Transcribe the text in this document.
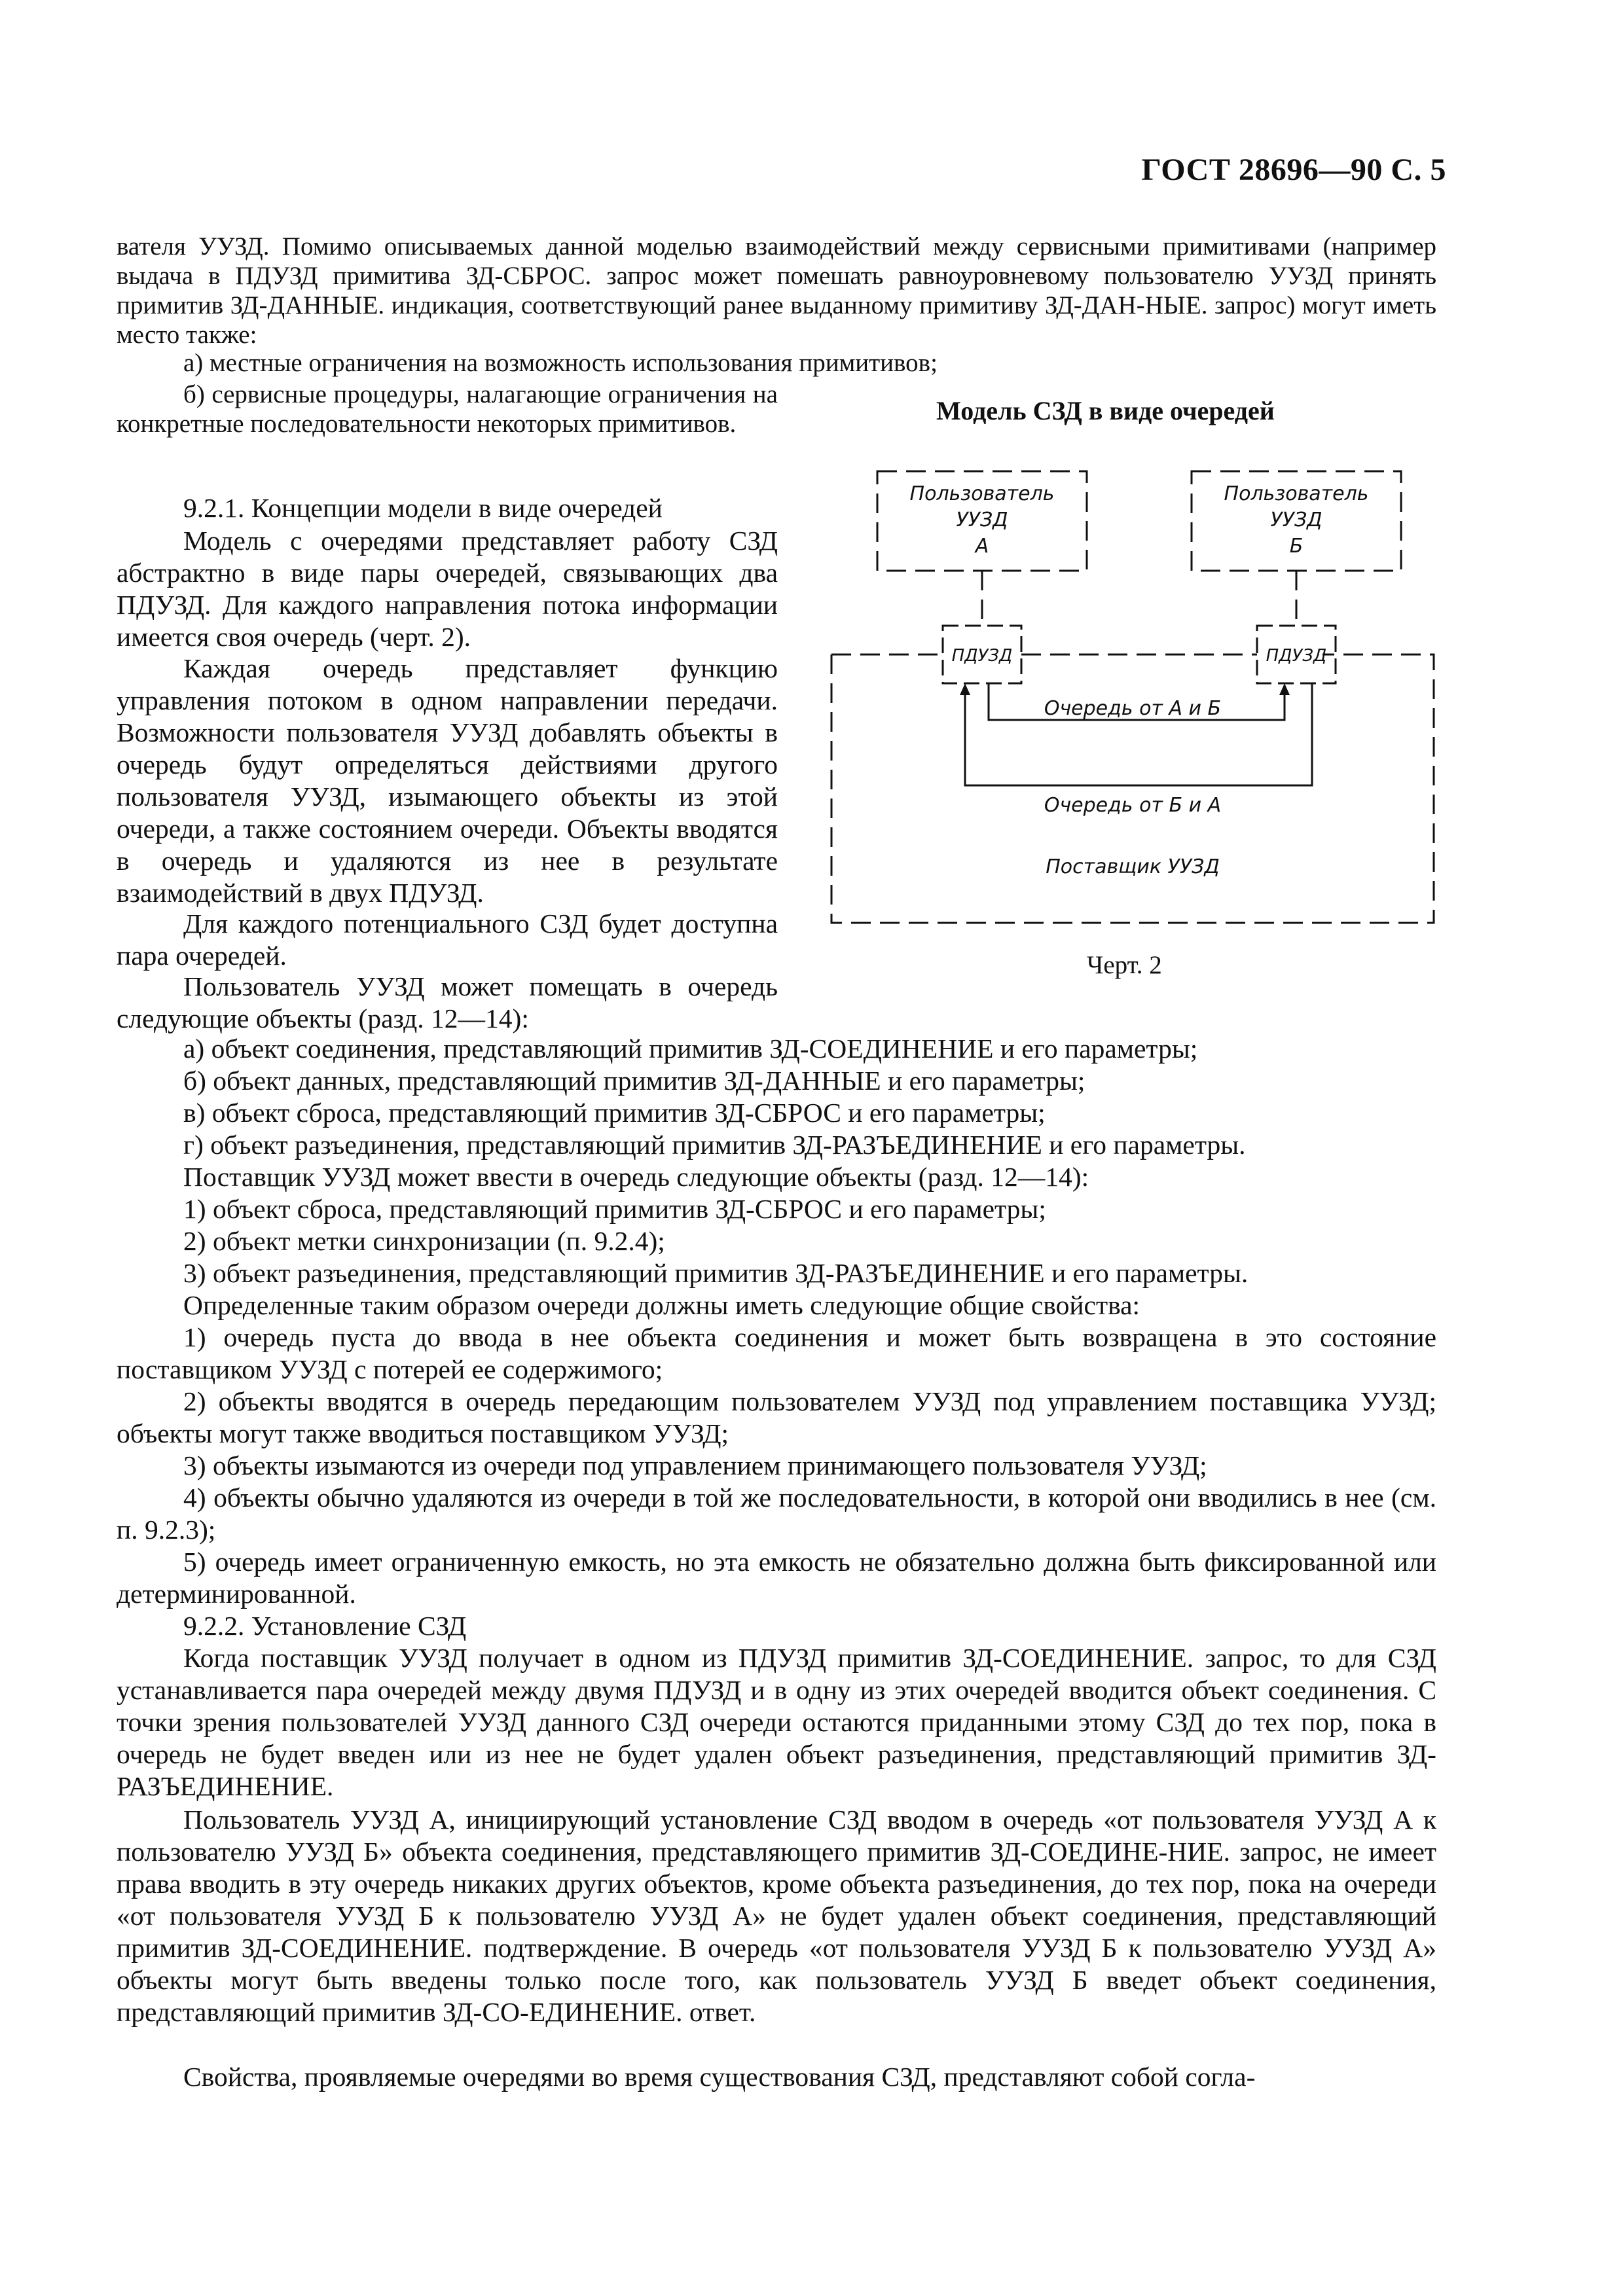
ГОСТ 28696—90 С. 5

вателя УУЗД. Помимо описываемых данной моделью взаимодействий между сервисными примитивами (например выдача в ПДУЗД примитива ЗД-СБРОС. запрос может помешать равноуровневому пользователю УУЗД принять примитив ЗД-ДАННЫЕ. индикация, соответствующий ранее выданному примитиву ЗД-ДАН-НЫЕ. запрос) могут иметь место также:

а) местные ограничения на возможность использования примитивов;

б) сервисные процедуры, налагающие ограничения на конкретные последовательности некоторых примитивов.

9.2.1. Концепции модели в виде очередей

Модель с очередями представляет работу СЗД абстрактно в виде пары очередей, связывающих два ПДУЗД. Для каждого направления потока информации имеется своя очередь (черт. 2).

Каждая очередь представляет функцию управления потоком в одном направлении передачи. Возможности пользователя УУЗД добавлять объекты в очередь будут определяться действиями другого пользователя УУЗД, изымающего объекты из этой очереди, а также состоянием очереди. Объекты вводятся в очередь и удаляются из нее в результате взаимодействий в двух ПДУЗД.

Для каждого потенциального СЗД будет доступна пара очередей.

Пользователь УУЗД может помещать в очередь следующие объекты (разд. 12—14):

Модель СЗД в виде очередей
Пользователь
УУЗД
А
Пользователь
УУЗД
Б
ПДУЗД	ПДУЗД
Очередь от А и Б
Очередь от Б и А
Поставщик УУЗД
Черт. 2

а) объект соединения, представляющий примитив ЗД-СОЕДИНЕНИЕ и его параметры;

б) объект данных, представляющий примитив ЗД-ДАННЫЕ и его параметры;

в) объект сброса, представляющий примитив ЗД-СБРОС и его параметры;

г) объект разъединения, представляющий примитив ЗД-РАЗЪЕДИНЕНИЕ и его параметры.

Поставщик УУЗД может ввести в очередь следующие объекты (разд. 12—14):

1) объект сброса, представляющий примитив ЗД-СБРОС и его параметры;

2) объект метки синхронизации (п. 9.2.4);

3) объект разъединения, представляющий примитив ЗД-РАЗЪЕДИНЕНИЕ и его параметры.

Определенные таким образом очереди должны иметь следующие общие свойства:

1) очередь пуста до ввода в нее объекта соединения и может быть возвращена в это состояние поставщиком УУЗД с потерей ее содержимого;

2) объекты вводятся в очередь передающим пользователем УУЗД под управлением поставщика УУЗД; объекты могут также вводиться поставщиком УУЗД;

3) объекты изымаются из очереди под управлением принимающего пользователя УУЗД;

4) объекты обычно удаляются из очереди в той же последовательности, в которой они вводились в нее (см. п. 9.2.3);

5) очередь имеет ограниченную емкость, но эта емкость не обязательно должна быть фиксированной или детерминированной.

9.2.2. Установление СЗД

Когда поставщик УУЗД получает в одном из ПДУЗД примитив ЗД-СОЕДИНЕНИЕ. запрос, то для СЗД устанавливается пара очередей между двумя ПДУЗД и в одну из этих очередей вводится объект соединения. С точки зрения пользователей УУЗД данного СЗД очереди остаются приданными этому СЗД до тех пор, пока в очередь не будет введен или из нее не будет удален объект разъединения, представляющий примитив ЗД-РАЗЪЕДИНЕНИЕ.

Пользователь УУЗД А, инициирующий установление СЗД вводом в очередь «от пользователя УУЗД А к пользователю УУЗД Б» объекта соединения, представляющего примитив ЗД-СОЕДИНЕ-НИЕ. запрос, не имеет права вводить в эту очередь никаких других объектов, кроме объекта разъединения, до тех пор, пока на очереди «от пользователя УУЗД Б к пользователю УУЗД А» не будет удален объект соединения, представляющий примитив ЗД-СОЕДИНЕНИЕ. подтверждение. В очередь «от пользователя УУЗД Б к пользователю УУЗД А» объекты могут быть введены только после того, как пользователь УУЗД Б введет объект соединения, представляющий примитив ЗД-СО-ЕДИНЕНИЕ. ответ.

Свойства, проявляемые очередями во время существования СЗД, представляют собой согла-
